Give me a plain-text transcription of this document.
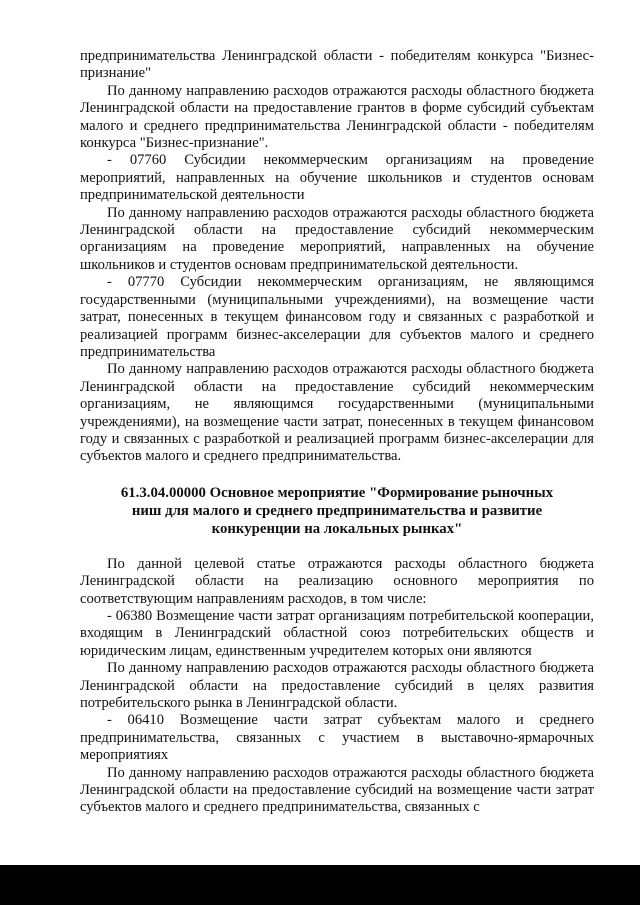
предпринимательства Ленинградской области - победителям конкурса "Бизнес-признание"

По данному направлению расходов отражаются расходы областного бюджета Ленинградской области на предоставление грантов в форме субсидий субъектам малого и среднего предпринимательства Ленинградской области - победителям конкурса "Бизнес-признание".

- 07760 Субсидии некоммерческим организациям на проведение мероприятий, направленных на обучение школьников и студентов основам предпринимательской деятельности

По данному направлению расходов отражаются расходы областного бюджета Ленинградской области на предоставление субсидий некоммерческим организациям на проведение мероприятий, направленных на обучение школьников и студентов основам предпринимательской деятельности.

- 07770 Субсидии некоммерческим организациям, не являющимся государственными (муниципальными учреждениями), на возмещение части затрат, понесенных в текущем финансовом году и связанных с разработкой и реализацией программ бизнес-акселерации для субъектов малого и среднего предпринимательства

По данному направлению расходов отражаются расходы областного бюджета Ленинградской области на предоставление субсидий некоммерческим организациям, не являющимся государственными (муниципальными учреждениями), на возмещение части затрат, понесенных в текущем финансовом году и связанных с разработкой и реализацией программ бизнес-акселерации для субъектов малого и среднего предпринимательства.

61.3.04.00000 Основное мероприятие "Формирование рыночных ниш для малого и среднего предпринимательства и развитие конкуренции на локальных рынках"

По данной целевой статье отражаются расходы областного бюджета Ленинградской области на реализацию основного мероприятия по соответствующим направлениям расходов, в том числе:

- 06380 Возмещение части затрат организациям потребительской кооперации, входящим в Ленинградский областной союз потребительских обществ и юридическим лицам, единственным учредителем которых они являются

По данному направлению расходов отражаются расходы областного бюджета Ленинградской области на предоставление субсидий в целях развития потребительского рынка в Ленинградской области.

- 06410 Возмещение части затрат субъектам малого и среднего предпринимательства, связанных с участием в выставочно-ярмарочных мероприятиях

По данному направлению расходов отражаются расходы областного бюджета Ленинградской области на предоставление субсидий на возмещение части затрат субъектов малого и среднего предпринимательства, связанных с
